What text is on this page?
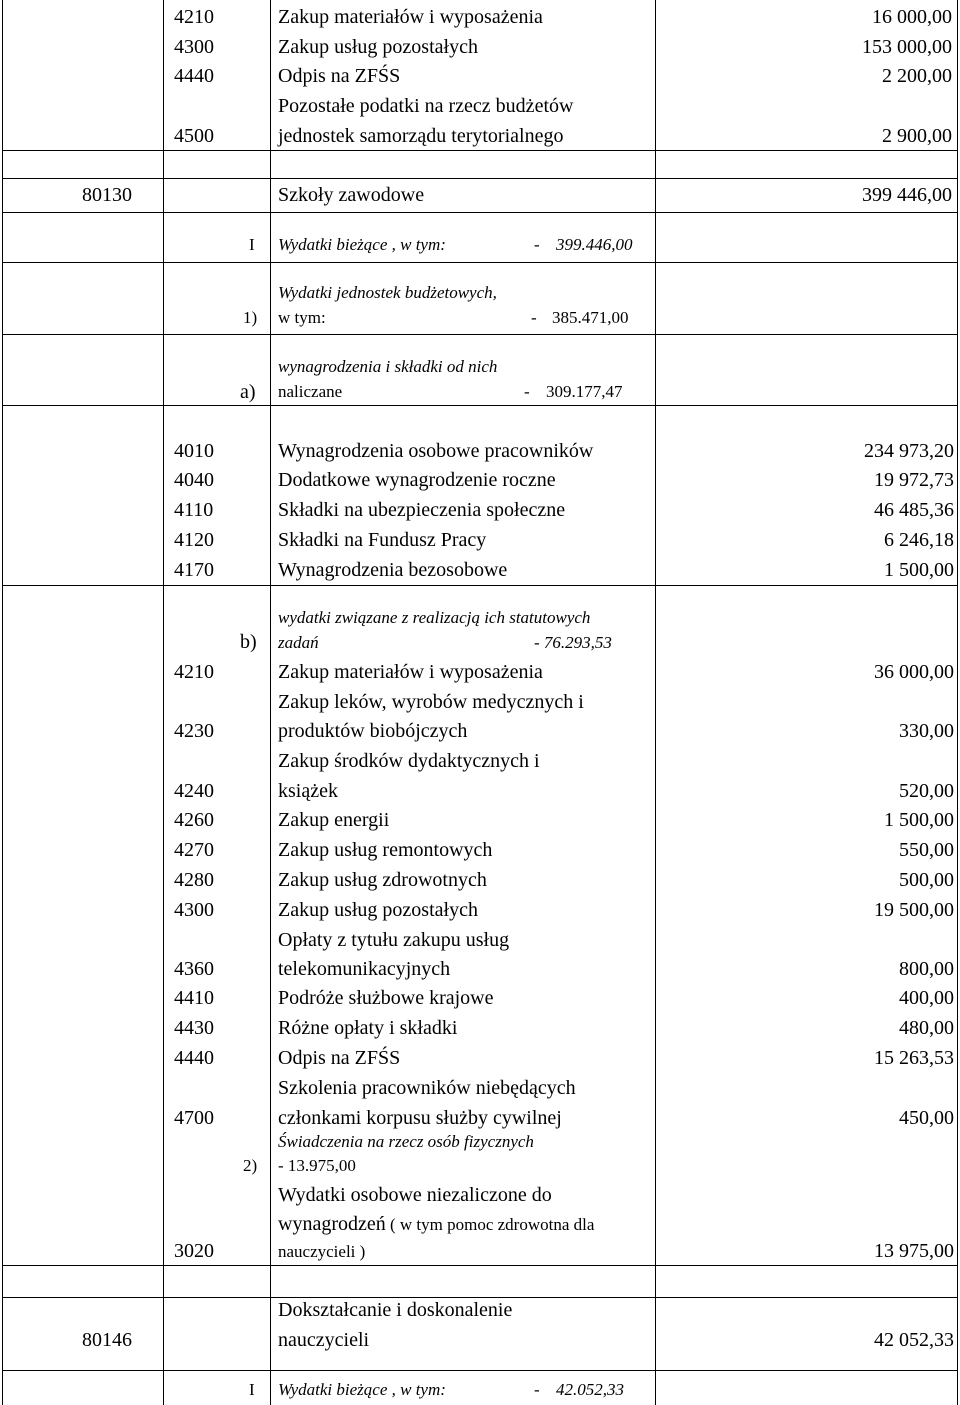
4210	Zakup materiałów i wyposażenia	16 000,00
4300	Zakup usług pozostałych	153 000,00
4440	Odpis na ZFŚS	2 200,00
Pozostałe podatki na rzecz budżetów
4500	jednostek samorządu terytorialnego	2 900,00
80130	Szkoły zawodowe	399 446,00
I Wydatki bieżące , w tym:	- 399.446,00
Wydatki jednostek budżetowych,
1) w tym:	- 385.471,00
wynagrodzenia i składki od nich
a) naliczane	- 309.177,47
4010	Wynagrodzenia osobowe pracowników	234 973,20
4040	Dodatkowe wynagrodzenie roczne	19 972,73
4110	Składki na ubezpieczenia społeczne	46 485,36
4120	Składki na Fundusz Pracy	6 246,18
4170	Wynagrodzenia bezosobowe	1 500,00
wydatki związane z realizacją ich statutowych
b) zadań	- 76.293,53
4210	Zakup materiałów i wyposażenia	36 000,00
Zakup leków, wyrobów medycznych i
4230	produktów biobójczych	330,00
Zakup środków dydaktycznych i
4240	książek	520,00
4260	Zakup energii	1 500,00
4270	Zakup usług remontowych	550,00
4280	Zakup usług zdrowotnych	500,00
4300	Zakup usług pozostałych	19 500,00
Opłaty z tytułu zakupu usług
4360	telekomunikacyjnych	800,00
4410	Podróże służbowe krajowe	400,00
4430	Różne opłaty i składki	480,00
4440	Odpis na ZFŚS	15 263,53
Szkolenia pracowników niebędących
4700	członkami korpusu służby cywilnej	450,00
Świadczenia na rzecz osób fizycznych
2) - 13.975,00
Wydatki osobowe niezaliczone do
wynagrodzeń ( w tym pomoc zdrowotna dla
3020	nauczycieli )	13 975,00
Dokształcanie i doskonalenie
80146	nauczycieli	42 052,33
I Wydatki bieżące , w tym:	- 42.052,33
